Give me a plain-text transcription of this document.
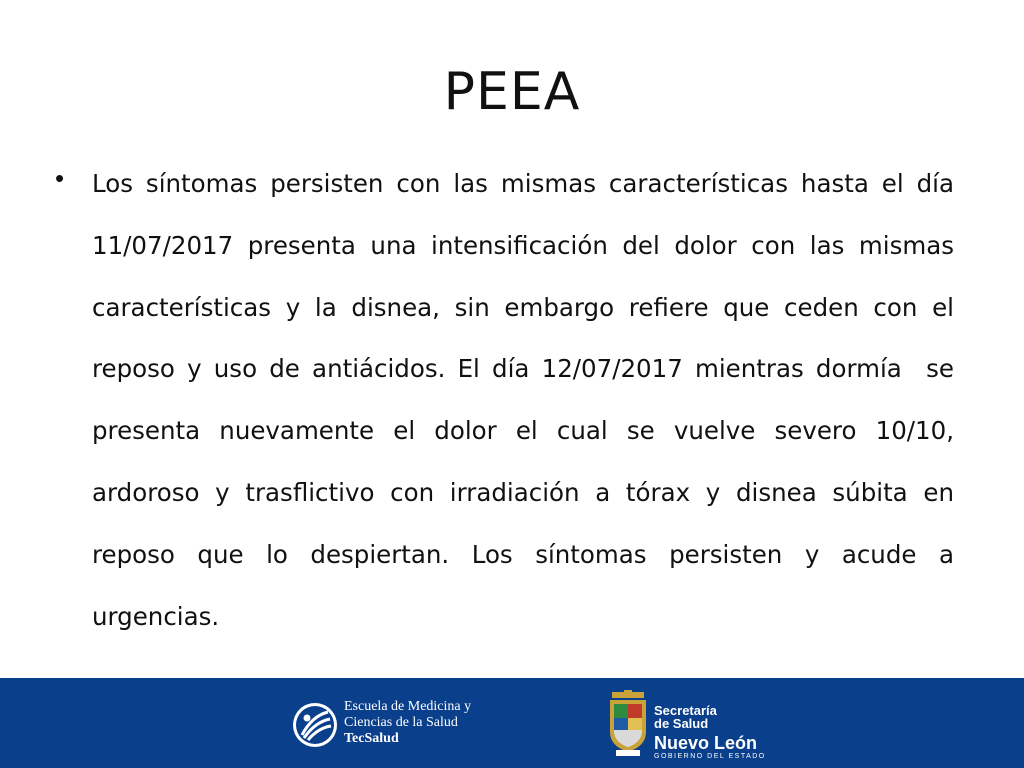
PEEA
• Los síntomas persisten con las mismas características hasta el día 11/07/2017 presenta una intensificación del dolor con las mismas características y la disnea, sin embargo refiere que ceden con el reposo y uso de antiácidos. El día 12/07/2017 mientras dormía  se presenta nuevamente el dolor el cual se vuelve severo 10/10, ardoroso y trasflictivo con irradiación a tórax y disnea súbita en reposo que lo despiertan. Los síntomas persisten y acude a urgencias.

Escuela de Medicina y
Ciencias de la Salud
TecSalud
Secretaría
de Salud
Nuevo León
GOBIERNO DEL ESTADO
